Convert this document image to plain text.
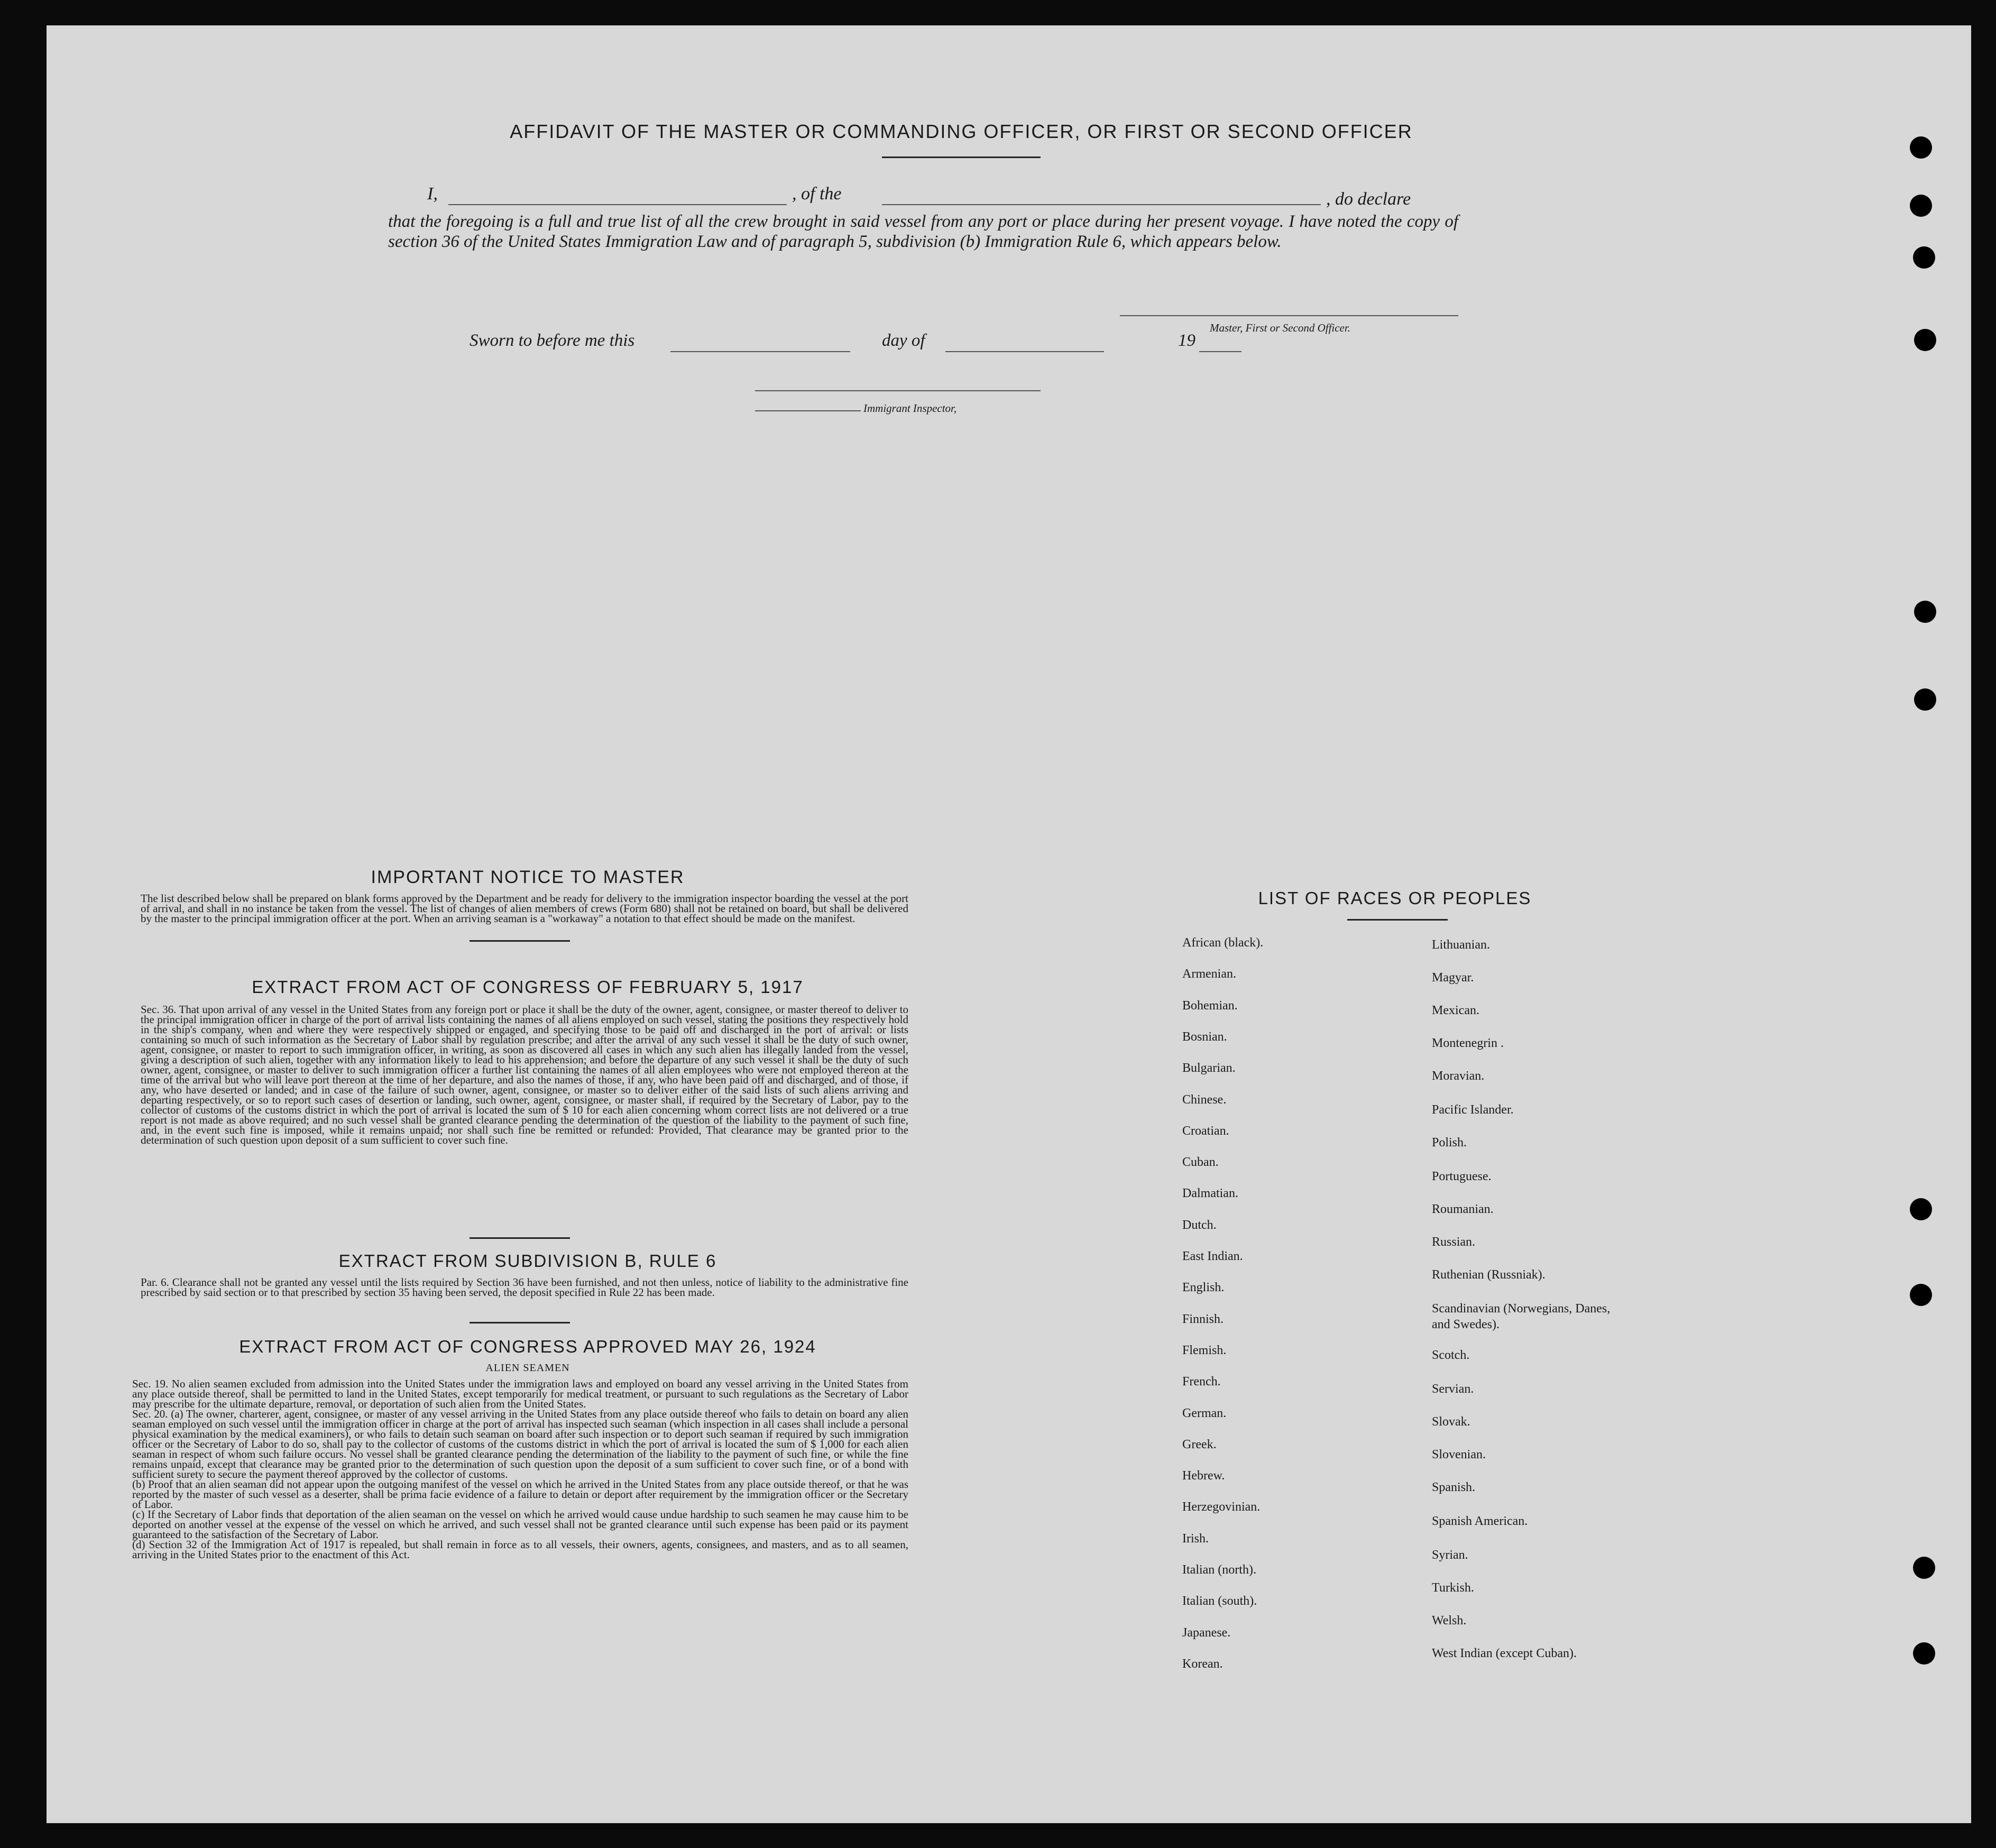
AFFIDAVIT OF THE MASTER OR COMMANDING OFFICER, OR FIRST OR SECOND OFFICER
I,	, of the	, do declare
that the foregoing is a full and true list of all the crew brought in said vessel from any port or place during her present voyage. I have noted the copy of section 36 of the United States Immigration Law and of paragraph 5, subdivision (b) Immigration Rule 6, which appears below.
Master, First or Second Officer.
Sworn to before me this	day of	19
Immigrant Inspector,
IMPORTANT NOTICE TO MASTER
The list described below shall be prepared on blank forms approved by the Department and be ready for delivery to the immigration inspector boarding the vessel at the port of arrival, and shall in no instance be taken from the vessel. The list of changes of alien members of crews (Form 680) shall not be retained on board, but shall be delivered by the master to the principal immigration officer at the port. When an arriving seaman is a "workaway" a notation to that effect should be made on the manifest.
EXTRACT FROM ACT OF CONGRESS OF FEBRUARY 5, 1917
Sec. 36. That upon arrival of any vessel in the United States from any foreign port or place it shall be the duty of the owner, agent, consignee, or master thereof to deliver to the principal immigration officer in charge of the port of arrival lists containing the names of all aliens employed on such vessel, stating the positions they respectively hold in the ship's company, when and where they were respectively shipped or engaged, and specifying those to be paid off and discharged in the port of arrival: or lists containing so much of such information as the Secretary of Labor shall by regulation prescribe; and after the arrival of any such vessel it shall be the duty of such owner, agent, consignee, or master to report to such immigration officer, in writing, as soon as discovered all cases in which any such alien has illegally landed from the vessel, giving a description of such alien, together with any information likely to lead to his apprehension; and before the departure of any such vessel it shall be the duty of such owner, agent, consignee, or master to deliver to such immigration officer a further list containing the names of all alien employees who were not employed thereon at the time of the arrival but who will leave port thereon at the time of her departure, and also the names of those, if any, who have been paid off and discharged, and of those, if any, who have deserted or landed; and in case of the failure of such owner, agent, consignee, or master so to deliver either of the said lists of such aliens arriving and departing respectively, or so to report such cases of desertion or landing, such owner, agent, consignee, or master shall, if required by the Secretary of Labor, pay to the collector of customs of the customs district in which the port of arrival is located the sum of $ 10 for each alien concerning whom correct lists are not delivered or a true report is not made as above required; and no such vessel shall be granted clearance pending the determination of the question of the liability to the payment of such fine, and, in the event such fine is imposed, while it remains unpaid; nor shall such fine be remitted or refunded: Provided, That clearance may be granted prior to the determination of such question upon deposit of a sum sufficient to cover such fine.
EXTRACT FROM SUBDIVISION B, RULE 6
Par. 6. Clearance shall not be granted any vessel until the lists required by Section 36 have been furnished, and not then unless, notice of liability to the administrative fine prescribed by said section or to that prescribed by section 35 having been served, the deposit specified in Rule 22 has been made.
EXTRACT FROM ACT OF CONGRESS APPROVED MAY 26, 1924
ALIEN SEAMEN
Sec. 19. No alien seamen excluded from admission into the United States under the immigration laws and employed on board any vessel arriving in the United States from any place outside thereof, shall be permitted to land in the United States, except temporarily for medical treatment, or pursuant to such regulations as the Secretary of Labor may prescribe for the ultimate departure, removal, or deportation of such alien from the United States.
Sec. 20. (a) The owner, charterer, agent, consignee, or master of any vessel arriving in the United States from any place outside thereof who fails to detain on board any alien seaman employed on such vessel until the immigration officer in charge at the port of arrival has inspected such seaman (which inspection in all cases shall include a personal physical examination by the medical examiners), or who fails to detain such seaman on board after such inspection or to deport such seaman if required by such immigration officer or the Secretary of Labor to do so, shall pay to the collector of customs of the customs district in which the port of arrival is located the sum of $ 1,000 for each alien seaman in respect of whom such failure occurs. No vessel shall be granted clearance pending the determination of the liability to the payment of such fine, or while the fine remains unpaid, except that clearance may be granted prior to the determination of such question upon the deposit of a sum sufficient to cover such fine, or of a bond with sufficient surety to secure the payment thereof approved by the collector of customs.
(b) Proof that an alien seaman did not appear upon the outgoing manifest of the vessel on which he arrived in the United States from any place outside thereof, or that he was reported by the master of such vessel as a deserter, shall be prima facie evidence of a failure to detain or deport after requirement by the immigration officer or the Secretary of Labor.
(c) If the Secretary of Labor finds that deportation of the alien seaman on the vessel on which he arrived would cause undue hardship to such seamen he may cause him to be deported on another vessel at the expense of the vessel on which he arrived, and such vessel shall not be granted clearance until such expense has been paid or its payment guaranteed to the satisfaction of the Secretary of Labor.
(d) Section 32 of the Immigration Act of 1917 is repealed, but shall remain in force as to all vessels, their owners, agents, consignees, and masters, and as to all seamen, arriving in the United States prior to the enactment of this Act.
LIST OF RACES OR PEOPLES
African (black).
Armenian.
Bohemian.
Bosnian.
Bulgarian.
Chinese.
Croatian.
Cuban.
Dalmatian.
Dutch.
East Indian.
English.
Finnish.
Flemish.
French.
German.
Greek.
Hebrew.
Herzegovinian.
Irish.
Italian (north).
Italian (south).
Japanese.
Korean.
Lithuanian.
Magyar.
Mexican.
Montenegrin .
Moravian.
Pacific Islander.
Polish.
Portuguese.
Roumanian.
Russian.
Ruthenian (Russniak).
Scandinavian (Norwegians, Danes, and Swedes).
Scotch.
Servian.
Slovak.
Slovenian.
Spanish.
Spanish American.
Syrian.
Turkish.
Welsh.
West Indian (except Cuban).
